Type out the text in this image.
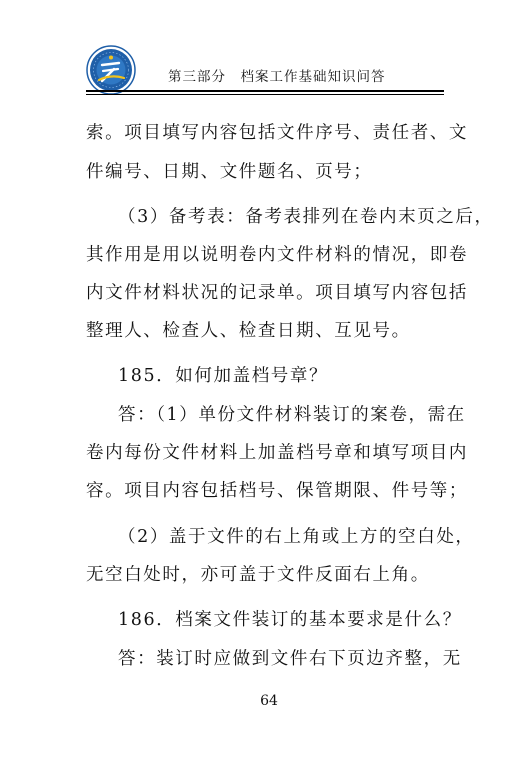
第三部分　档案工作基础知识问答
索。项目填写内容包括文件序号、责任者、文
件编号、日期、文件题名、页号；
（3）备考表：备考表排列在卷内末页之后，
其作用是用以说明卷内文件材料的情况，即卷
内文件材料状况的记录单。项目填写内容包括
整理人、检查人、检查日期、互见号。
185．如何加盖档号章？
答：（1）单份文件材料装订的案卷，需在
卷内每份文件材料上加盖档号章和填写项目内
容。项目内容包括档号、保管期限、件号等；
（2）盖于文件的右上角或上方的空白处，
无空白处时，亦可盖于文件反面右上角。
186．档案文件装订的基本要求是什么？
答：装订时应做到文件右下页边齐整，无
64
